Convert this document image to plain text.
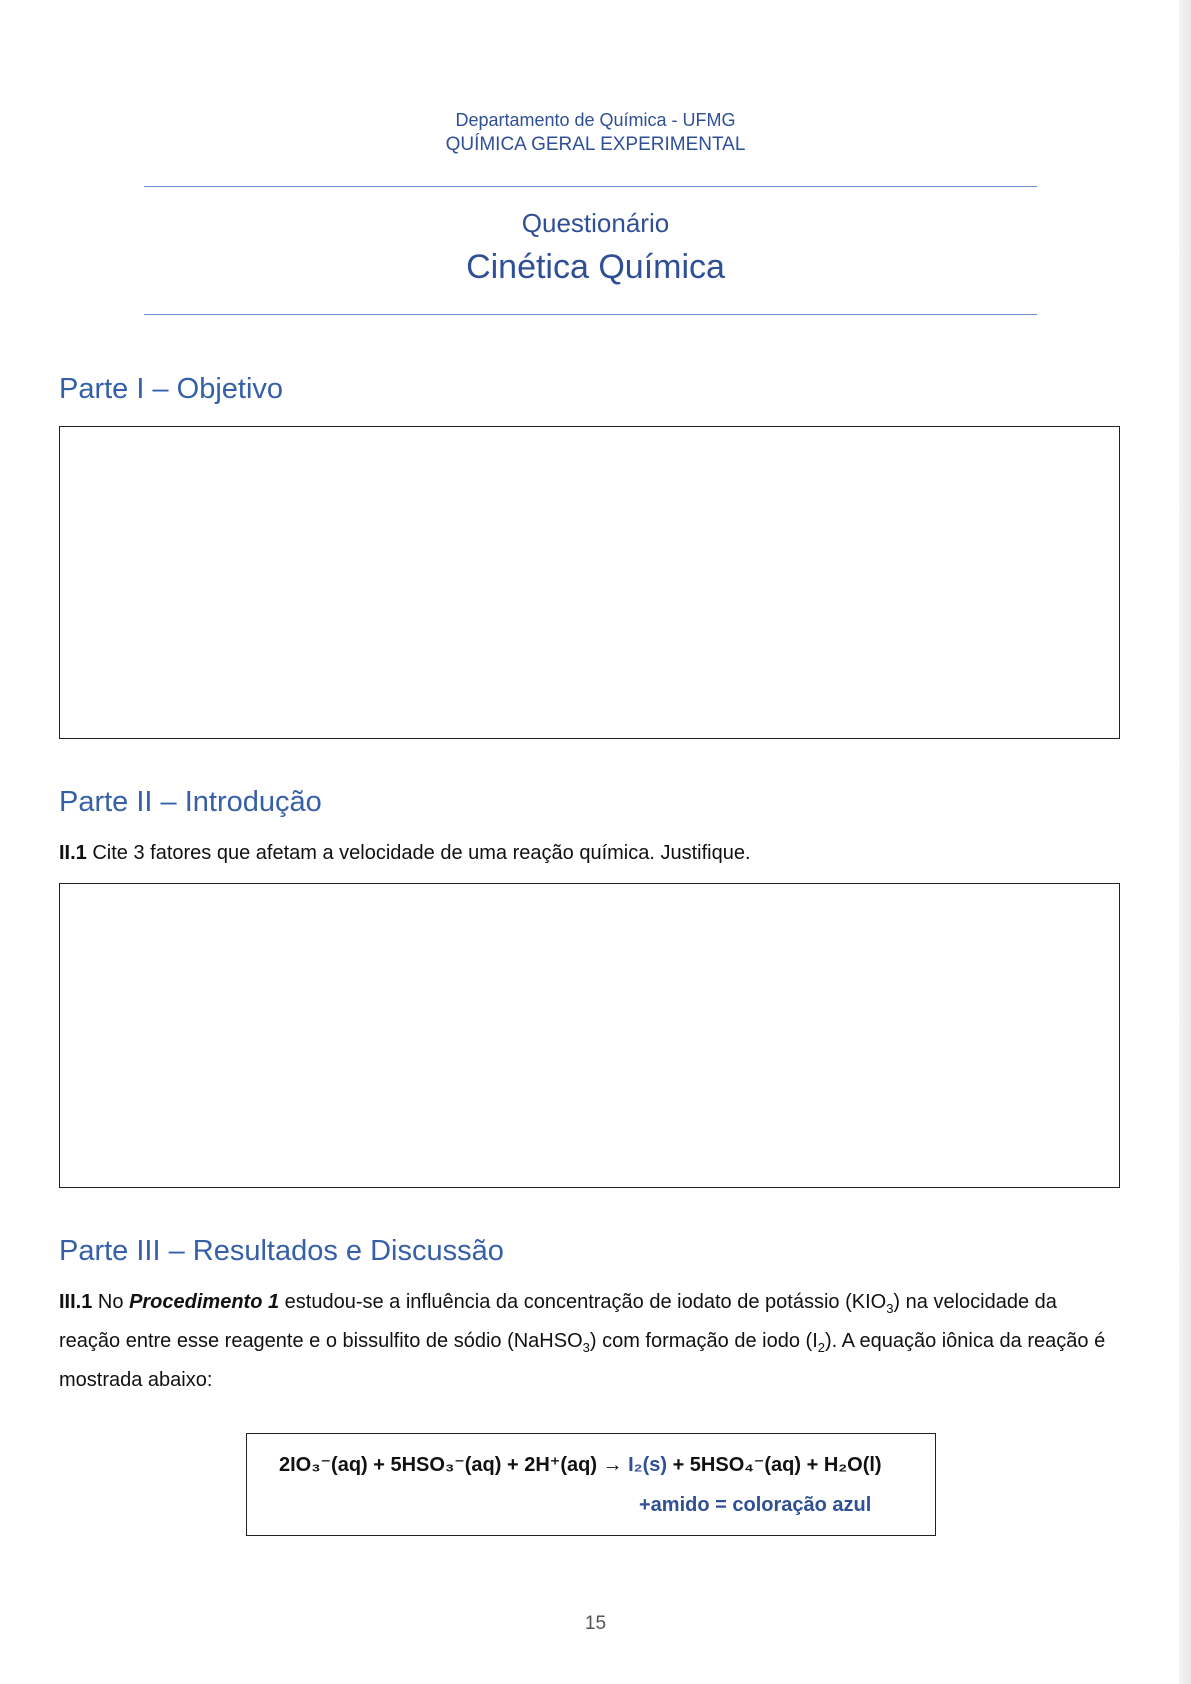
Departamento de Química - UFMG
QUÍMICA GERAL EXPERIMENTAL
Questionário
Cinética Química
Parte I – Objetivo
Parte II – Introdução
II.1 Cite 3 fatores que afetam a velocidade de uma reação química. Justifique.
Parte III – Resultados e Discussão
III.1 No Procedimento 1 estudou-se a influência da concentração de iodato de potássio $(KIO_3)$ na velocidade da reação entre esse reagente e o bissulfito de sódio (NaHSO$_3$) com formação de iodo $(I_2)$. A equação iônica da reação é mostrada abaixo:
2IO₃⁻(aq) + 5HSO₃⁻(aq) + 2H⁺(aq) → I₂(s) + 5HSO₄⁻(aq) + H₂O(l)
+amido = coloração azul
15
